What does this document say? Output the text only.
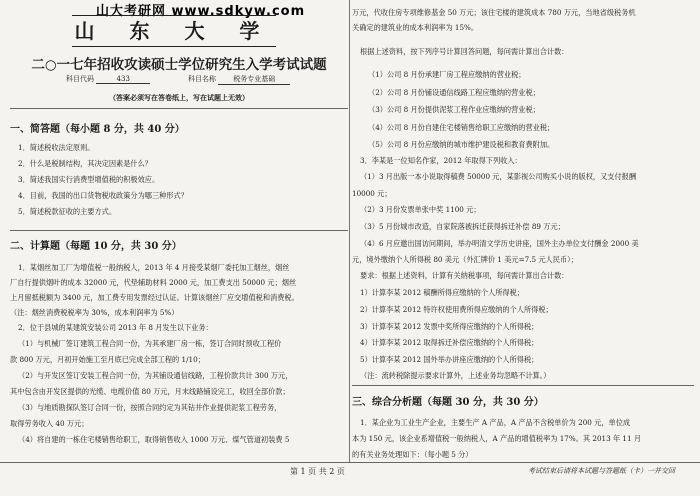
山大考研网 www.sdkyw.com
山 东 大 学
二○一七年招收攻读硕士学位研究生入学考试试题
科目代码	433	科目名称 税务专业基础
（答案必须写在答卷纸上，写在试题上无效）
一、简答题（每小题 8 分，共 40 分）
1．简述税收法定原则。
2．什么是税制结构，其决定因素是什么？
3．简述我国实行消费型增值税的积极效应。
4．目前，我国的出口货物税收政策分为哪三种形式？
5．简述税款征收的主要方式。
二、计算题（每题 10 分，共 30 分）
1．某烟丝加工厂为增值税一般纳税人，2013 年 4 月接受某烟厂委托加工烟丝，烟丝
厂自行提供烟叶的成本 32000 元，代垫辅助材料 2000 元，加工费支出 50000 元；烟丝
上月留抵税额为 3400 元，加工费专用发票经过认证。计算该烟丝厂应交增值税和消费税。
（注：烟丝消费税税率为 30%，成本利润率为 5%）
2．位于县城的某建筑安装公司 2013 年 8 月发生以下业务：
（1）与机械厂签订建筑工程合同一份，为其承建厂房一栋，签订合同时预收工程价
款 800 万元，月初开始施工至月底已完成全部工程的 1/10；
（2）与开发区签订安装工程合同一份，为其铺设通信线路，工程价款共计 300 万元，
其中包含由开发区提供的光缆、电缆价值 80 万元，月末线路铺设完工，收回全部价款；
（3）与地质勘探队签订合同一份，按照合同约定为其钻井作业提供泥浆工程劳务，
取得劳务收入 40 万元；
（4）将自建的一栋住宅楼销售给职工，取得销售收入 1000 万元、煤气管道初装费 5
万元，代收住房专项维修基金 50 万元；该住宅楼的建筑成本 780 万元，当地省级税务机
关确定的建筑业的成本利润率为 15%。
根据上述资料，按下列序号计算回答问题，每问需计算出合计数：
（1）公司 8 月份承建厂房工程应缴纳的营业税；
（2）公司 8 月份铺设通信线路工程应缴纳的营业税；
（3）公司 8 月份提供泥浆工程作业应缴纳的营业税；
（4）公司 8 月份自建住宅楼销售给职工应缴纳的营业税；
（5）公司 8 月份应缴纳的城市维护建设税和教育费附加。
3．李某是一位知名作家，2012 年取得下列收入：
（1）3 月出版一本小说取得稿费 50000 元，某影视公司购买小说的版权，又支付报酬
10000 元；
（2）3 月份发票单张中奖 1100 元；
（3）5 月份城市改造，自家院落被拆迁获得拆迁补偿 89 万元；
（4）6 月应邀出国访问期间，举办明清文学历史讲座，国外主办单位支付酬金 2000 美
元，境外缴纳个人所得税 80 美元（外汇牌价 1 美元=7.5 元人民币）；
要求：根据上述资料，计算有关纳税事项，每问需计算出合计数：
1）计算李某 2012 稿酬所得应缴纳的个人所得税；
2）计算李某 2012 特许权使用费所得应缴纳的个人所得税；
3）计算李某 2012 发票中奖所得应缴纳的个人所得税；
4）计算李某 2012 取得拆迁补偿应缴纳的个人所得税；
5）计算李某 2012 国外举办讲座应缴纳的个人所得税；
（注：流转税除提示要求计算外，上述业务均忽略不计算。）
三、综合分析题（每题 30 分，共 30 分）
1．某企业为工业生产企业，主要生产 A 产品，A 产品不含税单价为 200 元，单位成
本为 150 元，该企业系增值税一般纳税人，A 产品的增值税率为 17%。其 2013 年 11 月
的有关业务处理如下：（每小题 5 分）
第 1 页 共 2 页	考试结束后请将本试题与答题纸（卡）一并交回
